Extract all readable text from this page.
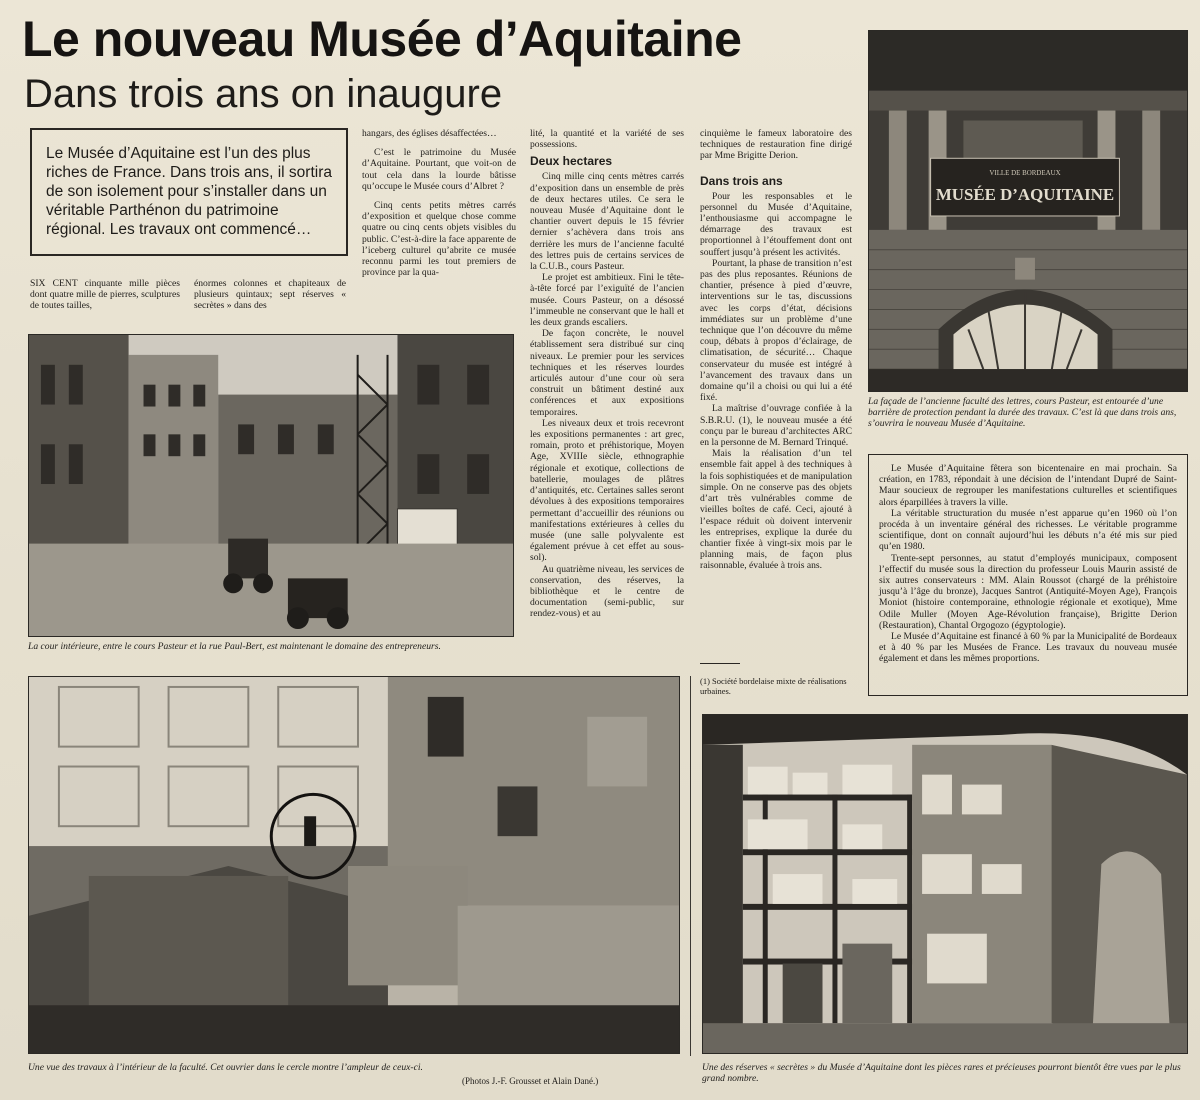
Le nouveau Musée d’Aquitaine
Dans trois ans on inaugure

Le Musée d’Aquitaine est l’un des plus riches de France. Dans trois ans, il sortira de son isolement pour s’installer dans un véritable Parthénon du patrimoine régional. Les travaux ont commencé…

SIX CENT cinquante mille pièces dont quatre mille de pierres, sculptures de toutes tailles,

énormes colonnes et chapiteaux de plusieurs quintaux; sept réserves « secrètes » dans des

hangars, des églises désaffectées…

C’est le patrimoine du Musée d’Aquitaine. Pourtant, que voit-on de tout cela dans la lourde bâtisse qu’occupe le Musée cours d’Albret ?

Cinq cents petits mètres carrés d’exposition et quelque chose comme quatre ou cinq cents objets visibles du public. C’est-à-dire la face apparente de l’iceberg culturel qu’abrite ce musée reconnu parmi les tout premiers de province par la qua-

lité, la quantité et la variété de ses possessions.

Deux hectares

Cinq mille cinq cents mètres carrés d’exposition dans un ensemble de près de deux hectares utiles. Ce sera le nouveau Musée d’Aquitaine dont le chantier ouvert depuis le 15 février dernier s’achèvera dans trois ans derrière les murs de l’ancienne faculté des lettres puis de certains services de la C.U.B., cours Pasteur.

Le projet est ambitieux. Fini le tête-à-tête forcé par l’exiguïté de l’ancien musée. Cours Pasteur, on a désossé l’immeuble ne conservant que le hall et les deux grands escaliers.

De façon concrète, le nouvel établissement sera distribué sur cinq niveaux. Le premier pour les services techniques et les réserves lourdes articulés autour d’une cour où sera construit un bâtiment destiné aux conférences et aux expositions temporaires.

Les niveaux deux et trois recevront les expositions permanentes : art grec, romain, proto et préhistorique, Moyen Age, XVIIIe siècle, ethnographie régionale et exotique, collections de batellerie, moulages de plâtres d’antiquités, etc. Certaines salles seront dévolues à des expositions temporaires permettant d’accueillir des réunions ou manifestations extérieures à celles du musée (une salle polyvalente est également prévue à cet effet au sous-sol).

Au quatrième niveau, les services de conservation, des réserves, la bibliothèque et le centre de documentation (semi-public, sur rendez-vous) et au

cinquième le fameux laboratoire des techniques de restauration fine dirigé par Mme Brigitte Derion.

Dans trois ans

Pour les responsables et le personnel du Musée d’Aquitaine, l’enthousiasme qui accompagne le démarrage des travaux est proportionnel à l’étouffement dont ont souffert jusqu’à présent les activités.

Pourtant, la phase de transition n’est pas des plus reposantes. Réunions de chantier, présence à pied d’œuvre, interventions sur le tas, discussions avec les corps d’état, décisions immédiates sur un problème d’une technique que l’on découvre du même coup, débats à propos d’éclairage, de climatisation, de sécurité… Chaque conservateur du musée est intégré à l’avancement des travaux dans un domaine qu’il a choisi ou qui lui a été fixé.

La maîtrise d’ouvrage confiée à la S.B.R.U. (1), le nouveau musée a été conçu par le bureau d’architectes ARC en la personne de M. Bernard Trinqué.

Mais la réalisation d’un tel ensemble fait appel à des techniques à la fois sophistiquées et de manipulation simple. On ne conserve pas des objets d’art très vulnérables comme de vieilles boîtes de café. Ceci, ajouté à l’espace réduit où doivent intervenir les entreprises, explique la durée du chantier fixée à vingt-six mois par le planning mais, de façon plus raisonnable, évaluée à trois ans.

(1) Société bordelaise mixte de réalisations urbaines.
VILLE DE BORDEAUX
MUSÉE D’AQUITAINE
La façade de l’ancienne faculté des lettres, cours Pasteur, est entourée d’une barrière de protection pendant la durée des travaux. C’est là que dans trois ans, s’ouvrira le nouveau Musée d’Aquitaine.

Le Musée d’Aquitaine fêtera son bicentenaire en mai prochain. Sa création, en 1783, répondait à une décision de l’intendant Dupré de Saint-Maur soucieux de regrouper les manifestations culturelles et scientifiques alors éparpillées à travers la ville.

La véritable structuration du musée n’est apparue qu’en 1960 où l’on procéda à un inventaire général des richesses. Le véritable programme scientifique, dont on connaît aujourd’hui les débuts n’a été mis sur pied qu’en 1980.

Trente-sept personnes, au statut d’employés municipaux, composent l’effectif du musée sous la direction du professeur Louis Maurin assisté de six autres conservateurs : MM. Alain Roussot (chargé de la préhistoire jusqu’à l’âge du bronze), Jacques Santrot (Antiquité-Moyen Age), François Moniot (histoire contemporaine, ethnologie régionale et exotique), Mme Odile Muller (Moyen Age-Révolution française), Brigitte Derion (Restauration), Chantal Orgogozo (égyptologie).

Le Musée d’Aquitaine est financé à 60 % par la Municipalité de Bordeaux et à 40 % par les Musées de France. Les travaux du nouveau musée également et dans les mêmes proportions.

La cour intérieure, entre le cours Pasteur et la rue Paul-Bert, est maintenant le domaine des entrepreneurs.
Une vue des travaux à l’intérieur de la faculté. Cet ouvrier dans le cercle montre l’ampleur de ceux-ci.
(Photos J.-F. Grousset et Alain Dané.)
Une des réserves « secrètes » du Musée d’Aquitaine dont les pièces rares et précieuses pourront bientôt être vues par le plus grand nombre.
